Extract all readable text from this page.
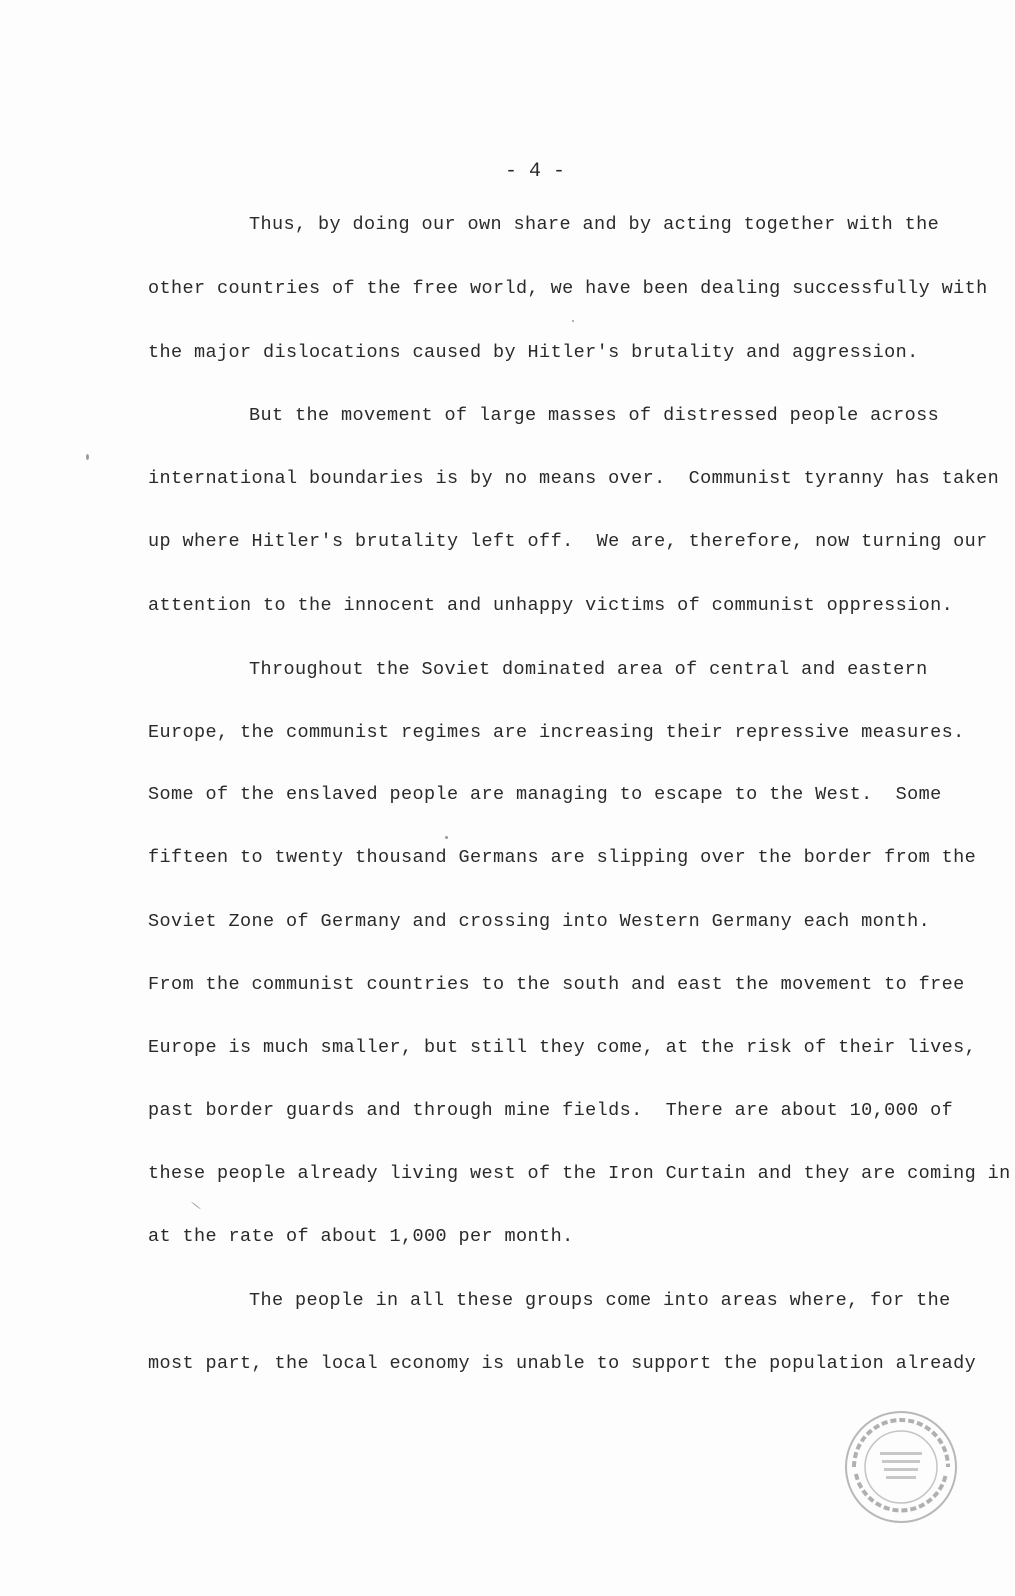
- 4 -
Thus, by doing our own share and by acting together with the
other countries of the free world, we have been dealing successfully with
the major dislocations caused by Hitler's brutality and aggression.
But the movement of large masses of distressed people across
international boundaries is by no means over.  Communist tyranny has taken
up where Hitler's brutality left off.  We are, therefore, now turning our
attention to the innocent and unhappy victims of communist oppression.
Throughout the Soviet dominated area of central and eastern
Europe, the communist regimes are increasing their repressive measures.
Some of the enslaved people are managing to escape to the West.  Some
fifteen to twenty thousand Germans are slipping over the border from the
Soviet Zone of Germany and crossing into Western Germany each month.
From the communist countries to the south and east the movement to free
Europe is much smaller, but still they come, at the risk of their lives,
past border guards and through mine fields.  There are about 10,000 of
these people already living west of the Iron Curtain and they are coming in
at the rate of about 1,000 per month.
The people in all these groups come into areas where, for the
most part, the local economy is unable to support the population already
